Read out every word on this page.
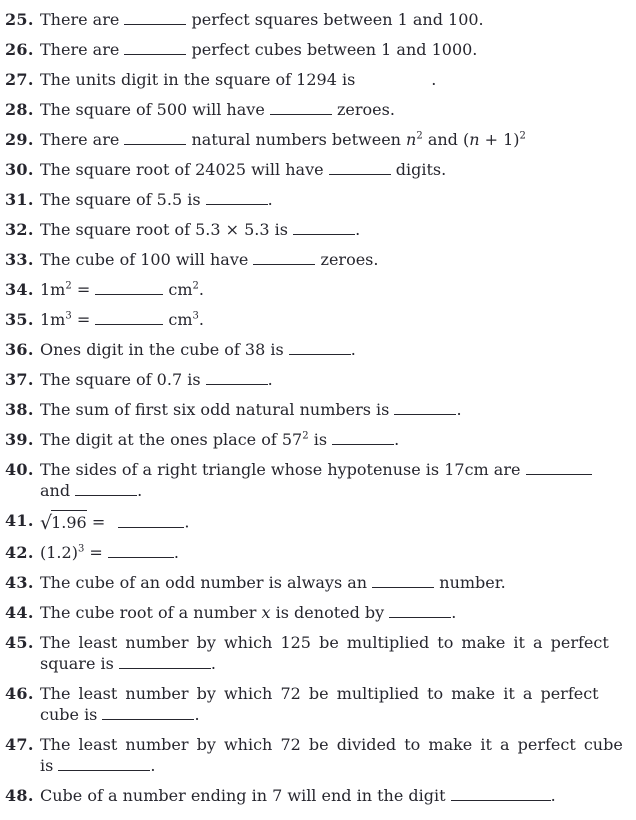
25. There are	perfect squares between 1 and 100.
26. There are	perfect cubes between 1 and 1000.
27. The units digit in the square of 1294 is	.
28. The square of 500 will have	zeroes.
29. There are	natural numbers between $n^2$ and $(n + 1)^2$
30. The square root of 24025 will have	digits.
31. The square of 5.5 is	.
32. The square root of 5.3 × 5.3 is	.
33. The cube of 100 will have	zeroes.
34. $1m^2$ =	$cm^2$.
35. $1m^3$ =	$cm^3$.
36. Ones digit in the cube of 38 is	.
37. The square of 0.7 is	.
38. The sum of first six odd natural numbers is	.
39. The digit at the ones place of $57^2$ is	.
40. The sides of a right triangle whose hypotenuse is 17cm are
and	.
41. √1.96 =	.
42. $(1.2)^3$ =	.
43. The cube of an odd number is always an	number.
44. The cube root of a number x is denoted by	.
45. The least number by which 125 be multiplied to make it a perfect
square is	.
46. The least number by which 72 be multiplied to make it a perfect
cube is	.
47. The least number by which 72 be divided to make it a perfect cube
is	.
48. Cube of a number ending in 7 will end in the digit	.
